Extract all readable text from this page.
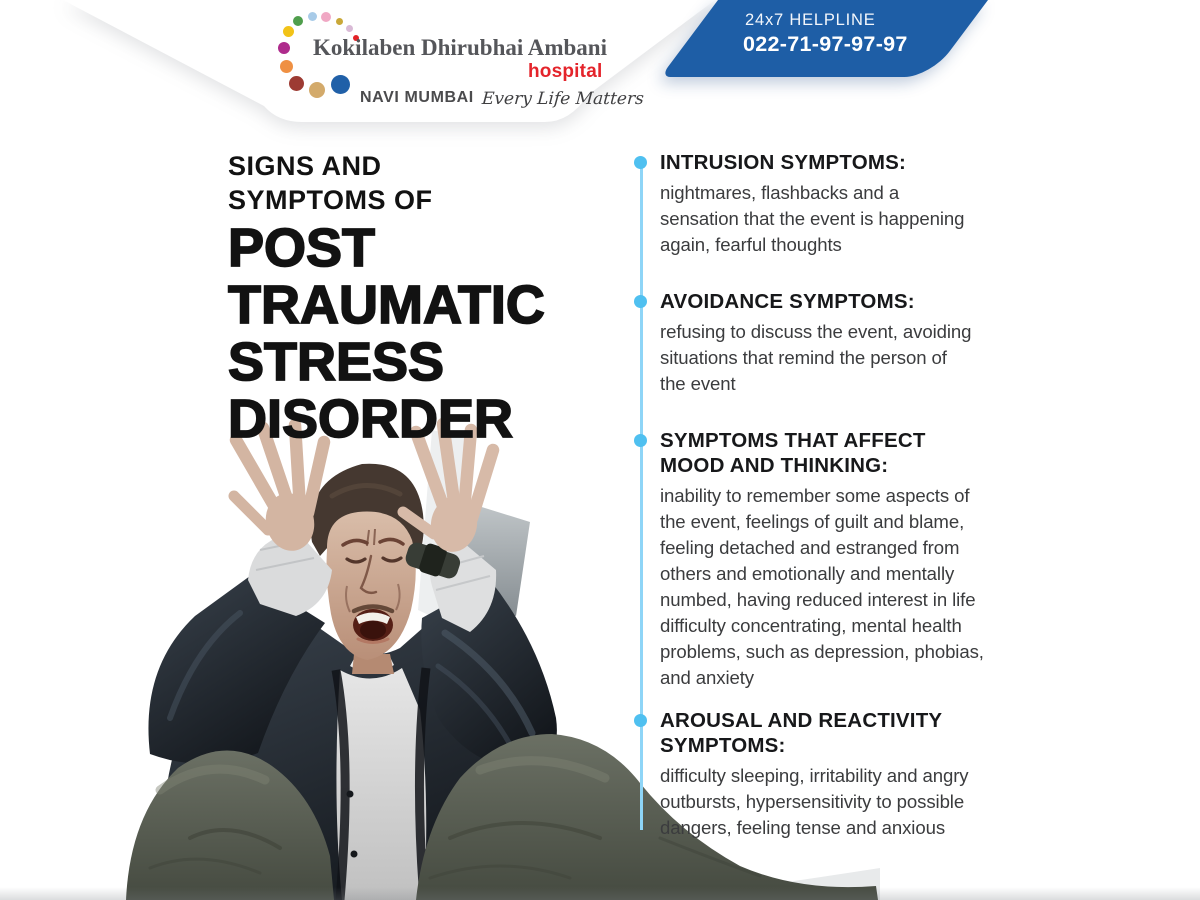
Kokilaben Dhirubhai Ambani
hospital
NAVI MUMBAI Every Life Matters
24x7 HELPLINE
022-71-97-97-97
SIGNS AND
SYMPTOMS OF
POST
TRAUMATIC
STRESS
DISORDER
INTRUSION SYMPTOMS:
nightmares, flashbacks and a
sensation that the event is happening
again, fearful thoughts
AVOIDANCE SYMPTOMS:
refusing to discuss the event, avoiding
situations that remind the person of
the event
SYMPTOMS THAT AFFECT
MOOD AND THINKING:
inability to remember some aspects of
the event, feelings of guilt and blame,
feeling detached and estranged from
others and emotionally and mentally
numbed, having reduced interest in life
difficulty concentrating, mental health
problems, such as depression, phobias,
and anxiety
AROUSAL AND REACTIVITY
SYMPTOMS:
difficulty sleeping, irritability and angry
outbursts, hypersensitivity to possible
dangers, feeling tense and anxious
